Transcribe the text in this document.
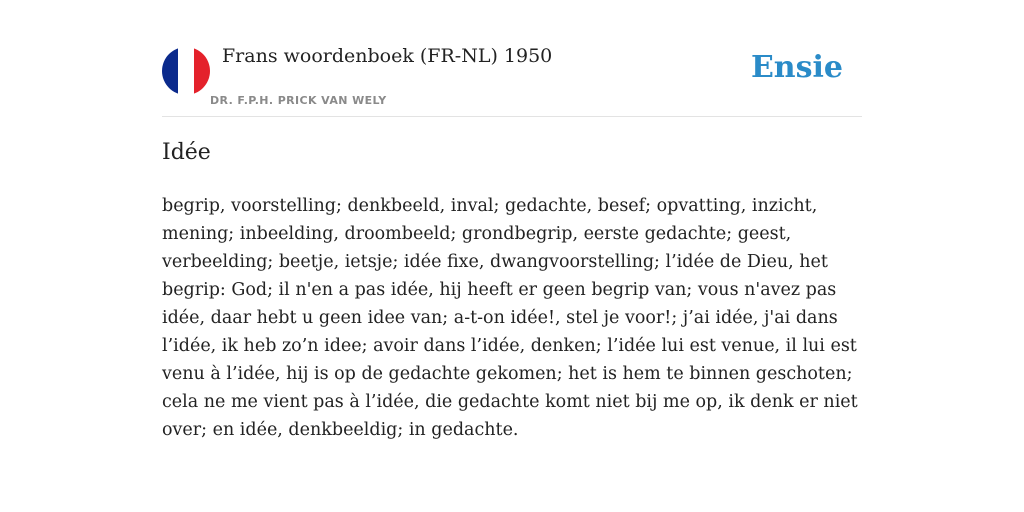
Frans woordenboek (FR-NL) 1950
DR. F.P.H. PRICK VAN WELY
Ensie
Idée

begrip, voorstelling; denkbeeld, inval; gedachte, besef; opvatting, inzicht, mening; inbeelding, droombeeld; grondbegrip, eerste gedachte; geest, verbeelding; beetje, ietsje; idée fixe, dwangvoorstelling; l’idée de Dieu, het begrip: God; il n'en a pas idée, hij heeft er geen begrip van; vous n'avez pas idée, daar hebt u geen idee van; a-t-on idée!, stel je voor!; j’ai idée, j'ai dans l’idée, ik heb zo’n idee; avoir dans l’idée, denken; l’idée lui est venue, il lui est venu à l’idée, hij is op de gedachte gekomen; het is hem te binnen geschoten; cela ne me vient pas à l’idée, die gedachte komt niet bij me op, ik denk er niet over; en idée, denkbeeldig; in gedachte.
